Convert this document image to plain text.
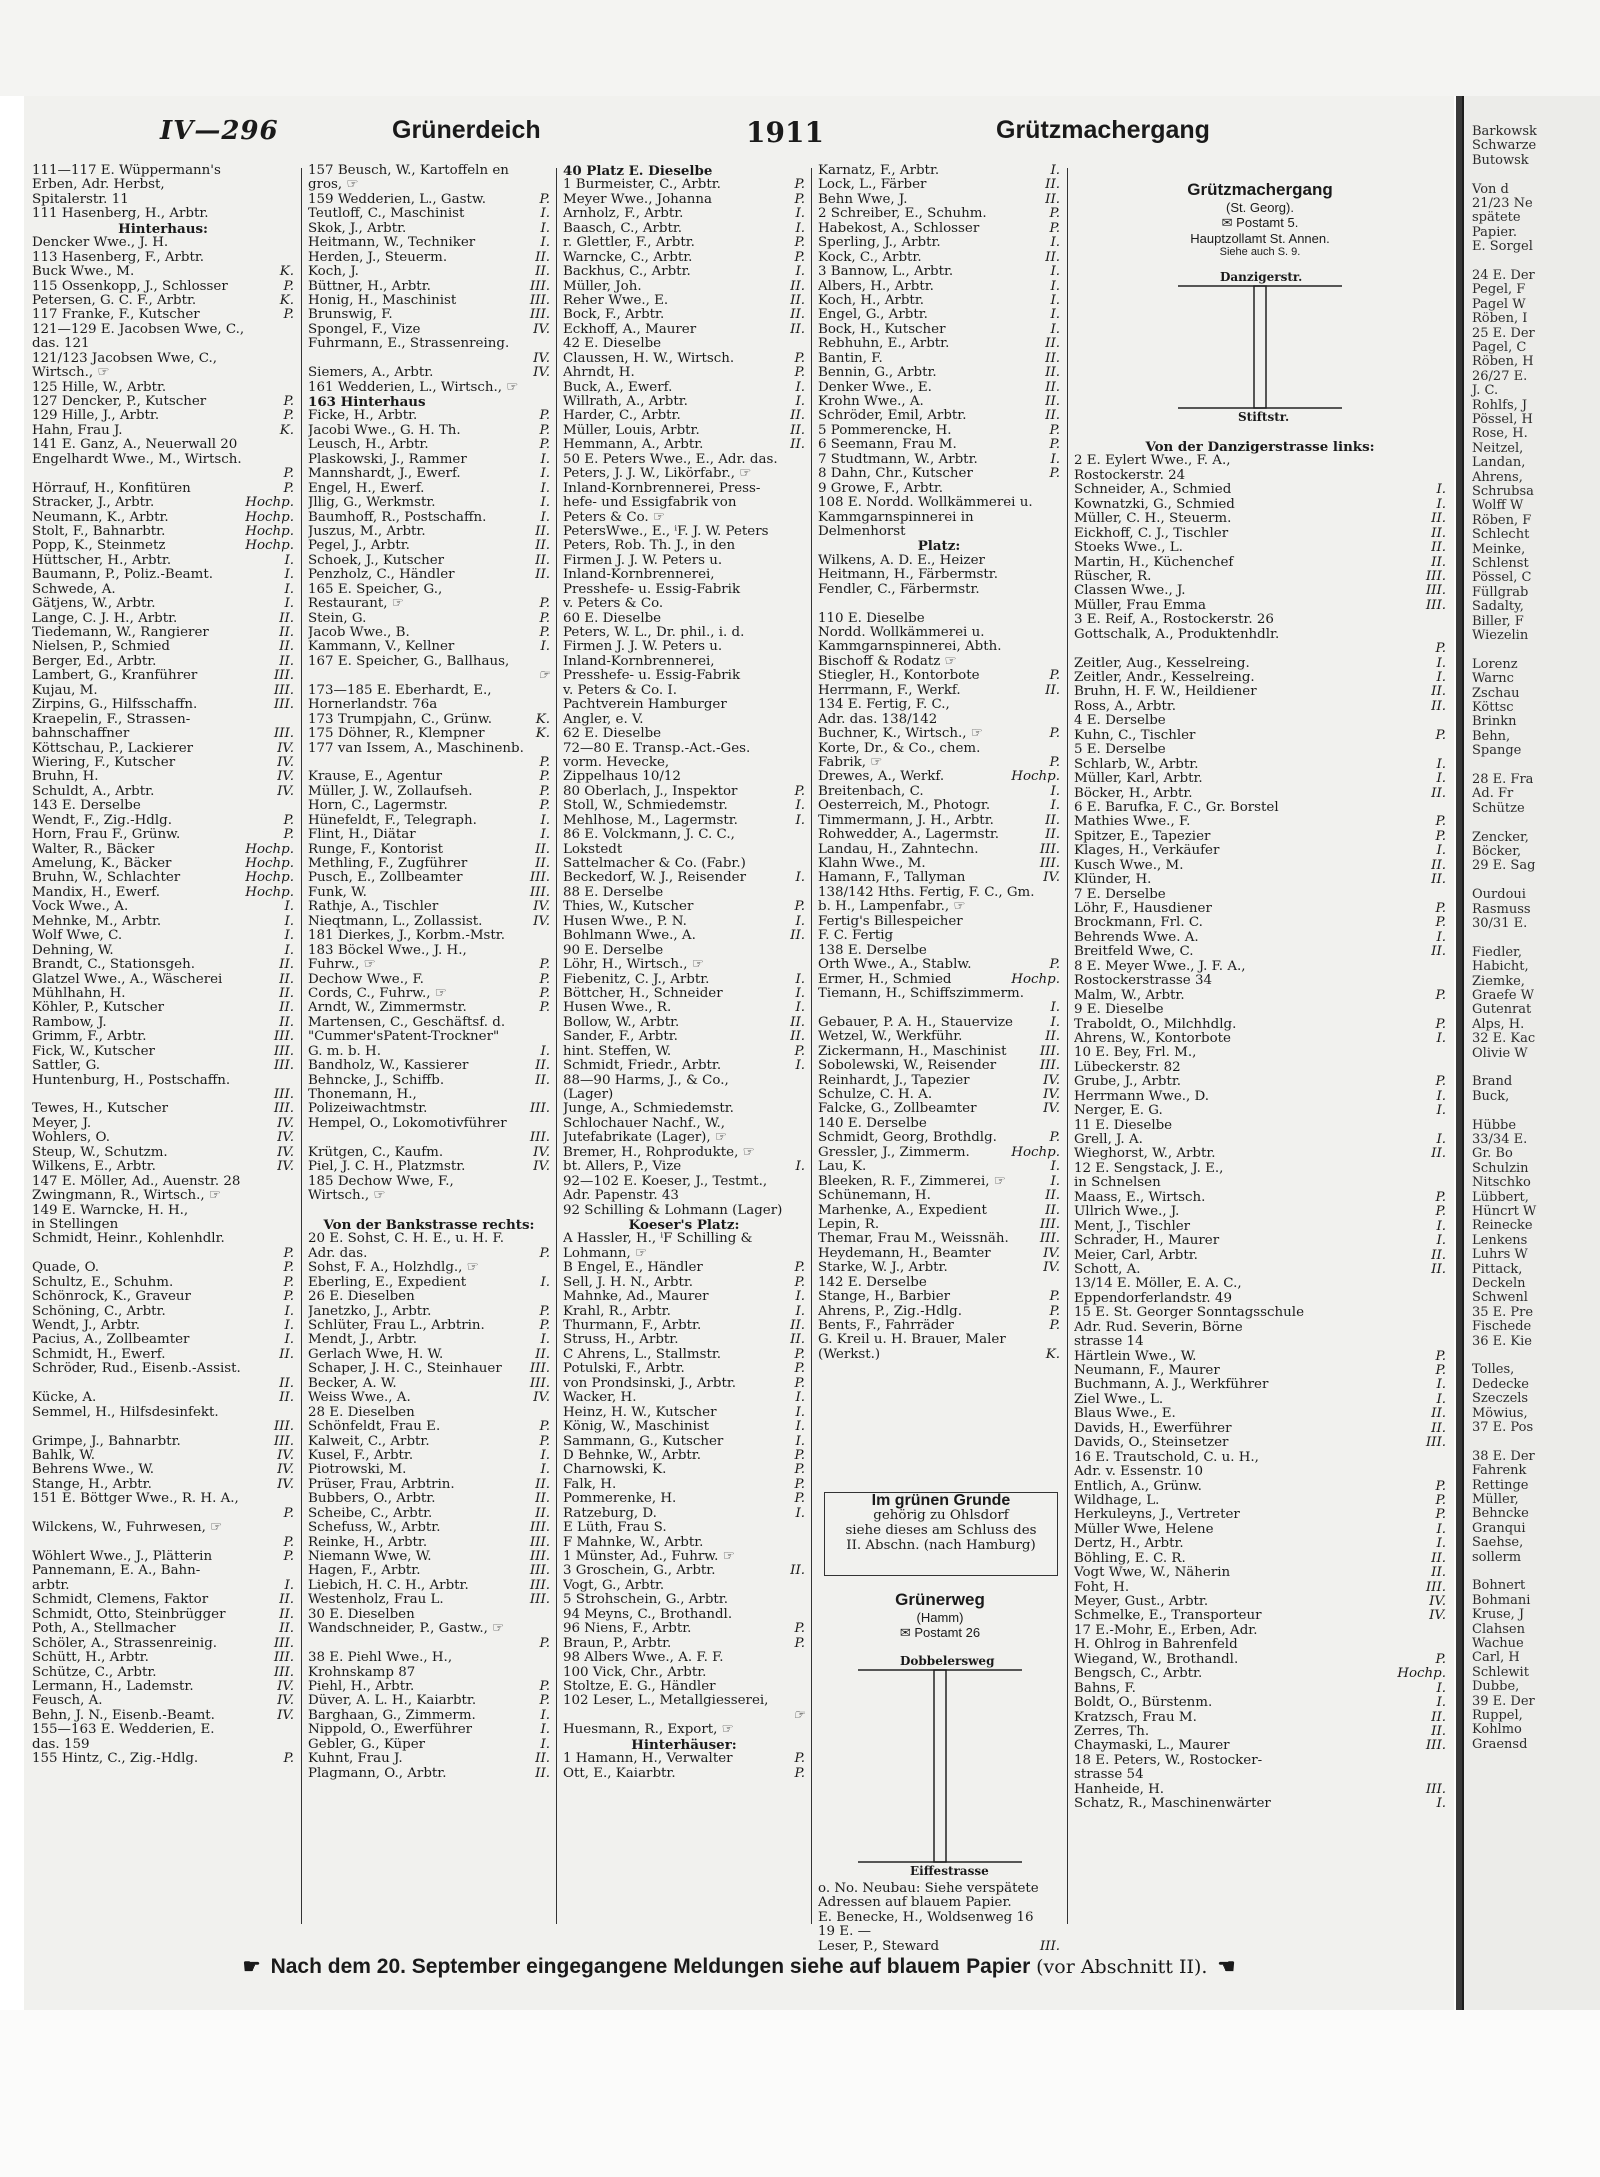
IV—296	Grünerdeich	1911	Grützmachergang
111—117 E. Wüppermann's
Erben, Adr. Herbst,
Spitalerstr. 11
111 Hasenberg, H., Arbtr.
Hinterhaus:
Dencker Wwe., J. H.
113 Hasenberg, F., Arbtr.
Buck Wwe., M.	K.
115 Ossenkopp, J., Schlosser	P.
Petersen, G. C. F., Arbtr.	K.
117 Franke, F., Kutscher	P.
121—129 E. Jacobsen Wwe, C.,
das. 121
121/123 Jacobsen Wwe, C.,
Wirtsch., ☞
125 Hille, W., Arbtr.
127 Dencker, P., Kutscher	P.
129 Hille, J., Arbtr.	P.
Hahn, Frau J.	K.
141 E. Ganz, A., Neuerwall 20
Engelhardt Wwe., M., Wirtsch.
P.
Hörrauf, H., Konfitüren	P.
Stracker, J., Arbtr.	Hochp.
Neumann, K., Arbtr.	Hochp.
Stolt, F., Bahnarbtr.	Hochp.
Popp, K., Steinmetz	Hochp.
Hüttscher, H., Arbtr.	I.
Baumann, P., Poliz.-Beamt.	I.
Schwede, A.	I.
Gätjens, W., Arbtr.	I.
Lange, C. J. H., Arbtr.	II.
Tiedemann, W., Rangierer	II.
Nielsen, P., Schmied	II.
Berger, Ed., Arbtr.	II.
Lambert, G., Kranführer	III.
Kujau, M.	III.
Zirpins, G., Hilfsschaffn.	III.
Kraepelin, F., Strassen-
bahnschaffner	III.
Köttschau, P., Lackierer	IV.
Wiering, F., Kutscher	IV.
Bruhn, H.	IV.
Schuldt, A., Arbtr.	IV.
143 E. Derselbe
Wendt, F., Zig.-Hdlg.	P.
Horn, Frau F., Grünw.	P.
Walter, R., Bäcker	Hochp.
Amelung, K., Bäcker	Hochp.
Bruhn, W., Schlachter	Hochp.
Mandix, H., Ewerf.	Hochp.
Vock Wwe., A.	I.
Mehnke, M., Arbtr.	I.
Wolf Wwe, C.	I.
Dehning, W.	I.
Brandt, C., Stationsgeh.	II.
Glatzel Wwe., A., Wäscherei	II.
Mühlhahn, H.	II.
Köhler, P., Kutscher	II.
Rambow, J.	II.
Grimm, F., Arbtr.	III.
Fick, W., Kutscher	III.
Sattler, G.	III.
Huntenburg, H., Postschaffn.
III.
Tewes, H., Kutscher	III.
Meyer, J.	IV.
Wohlers, O.	IV.
Steup, W., Schutzm.	IV.
Wilkens, E., Arbtr.	IV.
147 E. Möller, Ad., Auenstr. 28
Zwingmann, R., Wirtsch., ☞
149 E. Warncke, H. H.,
in Stellingen
Schmidt, Heinr., Kohlenhdlr.
P.
Quade, O.	P.
Schultz, E., Schuhm.	P.
Schönrock, K., Graveur	P.
Schöning, C., Arbtr.	I.
Wendt, J., Arbtr.	I.
Pacius, A., Zollbeamter	I.
Schmidt, H., Ewerf.	II.
Schröder, Rud., Eisenb.-Assist.
II.
Kücke, A.	II.
Semmel, H., Hilfsdesinfekt.
III.
Grimpe, J., Bahnarbtr.	III.
Bahlk, W.	IV.
Behrens Wwe., W.	IV.
Stange, H., Arbtr.	IV.
151 E. Böttger Wwe., R. H. A.,
P.
Wilckens, W., Fuhrwesen, ☞
P.
Wöhlert Wwe., J., Plätterin	P.
Pannemann, E. A., Bahn-
arbtr.	I.
Schmidt, Clemens, Faktor	II.
Schmidt, Otto, Steinbrügger	II.
Poth, A., Stellmacher	II.
Schöler, A., Strassenreinig.	III.
Schütt, H., Arbtr.	III.
Schütze, C., Arbtr.	III.
Lermann, H., Lademstr.	IV.
Feusch, A.	IV.
Behn, J. N., Eisenb.-Beamt.	IV.
155—163 E. Wedderien, E.
das. 159
155 Hintz, C., Zig.-Hdlg.	P.
157 Beusch, W., Kartoffeln en
gros, ☞
159 Wedderien, L., Gastw.	P.
Teutloff, C., Maschinist	I.
Skok, J., Arbtr.	I.
Heitmann, W., Techniker	I.
Herden, J., Steuerm.	II.
Koch, J.	II.
Büttner, H., Arbtr.	III.
Honig, H., Maschinist	III.
Brunswig, F.	III.
Spongel, F., Vize	IV.
Fuhrmann, E., Strassenreing.
IV.
Siemers, A., Arbtr.	IV.
161 Wedderien, L., Wirtsch., ☞
163 Hinterhaus
Ficke, H., Arbtr.	P.
Jacobi Wwe., G. H. Th.	P.
Leusch, H., Arbtr.	P.
Plaskowski, J., Rammer	I.
Mannshardt, J., Ewerf.	I.
Engel, H., Ewerf.	I.
Jllig, G., Werkmstr.	I.
Baumhoff, R., Postschaffn.	I.
Juszus, M., Arbtr.	II.
Pegel, J., Arbtr.	II.
Schoek, J., Kutscher	II.
Penzholz, C., Händler	II.
165 E. Speicher, G.,
Restaurant, ☞	P.
Stein, G.	P.
Jacob Wwe., B.	P.
Kammann, V., Kellner	I.
167 E. Speicher, G., Ballhaus,
☞
173—185 E. Eberhardt, E.,
Hornerlandstr. 76a
173 Trumpjahn, C., Grünw.	K.
175 Döhner, R., Klempner	K.
177 van Issem, A., Maschinenb.
P.
Krause, E., Agentur	P.
Müller, J. W., Zollaufseh.	P.
Horn, C., Lagermstr.	P.
Hünefeldt, F., Telegraph.	I.
Flint, H., Diätar	I.
Runge, F., Kontorist	II.
Methling, F., Zugführer	II.
Pusch, E., Zollbeamter	III.
Funk, W.	III.
Rathje, A., Tischler	IV.
Nieqtmann, L., Zollassist.	IV.
181 Dierkes, J., Korbm.-Mstr.
183 Böckel Wwe., J. H.,
Fuhrw., ☞	P.
Dechow Wwe., F.	P.
Cords, C., Fuhrw., ☞	P.
Arndt, W., Zimmermstr.	P.
Martensen, C., Geschäftsf. d.
"Cummer'sPatent-Trockner"
G. m. b. H.	I.
Bandholz, W., Kassierer	II.
Behncke, J., Schiffb.	II.
Thonemann, H.,
Polizeiwachtmstr.	III.
Hempel, O., Lokomotivführer
III.
Krütgen, C., Kaufm.	IV.
Piel, J. C. H., Platzmstr.	IV.
185 Dechow Wwe, F.,
Wirtsch., ☞
Von der Bankstrasse rechts:
20 E. Sohst, C. H. E., u. H. F.
Adr. das.	P.
Sohst, F. A., Holzhdlg., ☞
Eberling, E., Expedient	I.
26 E. Dieselben
Janetzko, J., Arbtr.	P.
Schlüter, Frau L., Arbtrin.	P.
Mendt, J., Arbtr.	I.
Gerlach Wwe, H. W.	II.
Schaper, J. H. C., Steinhauer III.
Becker, A. W.	III.
Weiss Wwe., A.	IV.
28 E. Dieselben
Schönfeldt, Frau E.	P.
Kalweit, C., Arbtr.	P.
Kusel, F., Arbtr.	I.
Piotrowski, M.	I.
Prüser, Frau, Arbtrin.	II.
Bubbers, O., Arbtr.	II.
Scheibe, C., Arbtr.	II.
Schefuss, W., Arbtr.	III.
Reinke, H., Arbtr.	III.
Niemann Wwe, W.	III.
Hagen, F., Arbtr.	III.
Liebich, H. C. H., Arbtr.	III.
Westenholz, Frau L.	III.
30 E. Dieselben
Wandschneider, P., Gastw., ☞
P.
38 E. Piehl Wwe., H.,
Krohnskamp 87
Piehl, H., Arbtr.	P.
Düver, A. L. H., Kaiarbtr.	P.
Barghaan, G., Zimmerm.	I.
Nippold, O., Ewerführer	I.
Gebler, G., Küper	I.
Kuhnt, Frau J.	II.
Plagmann, O., Arbtr.	II.
40 Platz E. Dieselbe
1 Burmeister, C., Arbtr.	P.
Meyer Wwe., Johanna	P.
Arnholz, F., Arbtr.	I.
Baasch, C., Arbtr.	I.
r. Glettler, F., Arbtr.	P.
Warncke, C., Arbtr.	P.
Backhus, C., Arbtr.	I.
Müller, Joh.	II.
Reher Wwe., E.	II.
Bock, F., Arbtr.	II.
Eckhoff, A., Maurer	II.
42 E. Dieselbe
Claussen, H. W., Wirtsch.	P.
Ahrndt, H.	P.
Buck, A., Ewerf.	I.
Willrath, A., Arbtr.	I.
Harder, C., Arbtr.	II.
Müller, Louis, Arbtr.	II.
Hemmann, A., Arbtr.	II.
50 E. Peters Wwe., E., Adr. das.
Peters, J. J. W., Likörfabr., ☞
Inland-Kornbrennerei, Press-
hefe- und Essigfabrik von
Peters & Co. ☞
PetersWwe., E., ⁱF. J. W. Peters
Peters, Rob. Th. J., in den
Firmen J. J. W. Peters u.
Inland-Kornbrennerei,
Presshefe- u. Essig-Fabrik
v. Peters & Co.
60 E. Dieselbe
Peters, W. L., Dr. phil., i. d.
Firmen J. J. W. Peters u.
Inland-Kornbrennerei,
Presshefe- u. Essig-Fabrik
v. Peters & Co. I.
Pachtverein Hamburger
Angler, e. V.
62 E. Dieselbe
72—80 E. Transp.-Act.-Ges.
vorm. Hevecke,
Zippelhaus 10/12
80 Oberlach, J., Inspektor	P.
Stoll, W., Schmiedemstr.	I.
Mehlhose, M., Lagermstr.	I.
86 E. Volckmann, J. C. C.,
Lokstedt
Sattelmacher & Co. (Fabr.)
Beckedorf, W. J., Reisender	I.
88 E. Derselbe
Thies, W., Kutscher	P.
Husen Wwe., P. N.	I.
Bohlmann Wwe., A.	II.
90 E. Derselbe
Löhr, H., Wirtsch., ☞
Fiebenitz, C. J., Arbtr.	I.
Böttcher, H., Schneider	I.
Husen Wwe., R.	I.
Bollow, W., Arbtr.	II.
Sander, F., Arbtr.	II.
hint. Steffen, W.	P.
Schmidt, Friedr., Arbtr.	I.
88—90 Harms, J., & Co.,
(Lager)
Junge, A., Schmiedemstr.
Schlochauer Nachf., W.,
Jutefabrikate (Lager), ☞
Bremer, H., Rohprodukte, ☞
bt. Allers, P., Vize	I.
92—102 E. Koeser, J., Testmt.,
Adr. Papenstr. 43
92 Schilling & Lohmann (Lager)
Koeser's Platz:
A Hassler, H., ⁱF Schilling &
Lohmann, ☞
B Engel, E., Händler	P.
Sell, J. H. N., Arbtr.	P.
Mahnke, Ad., Maurer	I.
Krahl, R., Arbtr.	I.
Thurmann, F., Arbtr.	II.
Struss, H., Arbtr.	II.
C Ahrens, L., Stallmstr.	P.
Potulski, F., Arbtr.	P.
von Prondsinski, J., Arbtr.	P.
Wacker, H.	I.
Heinz, H. W., Kutscher	I.
König, W., Maschinist	I.
Sammann, G., Kutscher	I.
D Behnke, W., Arbtr.	P.
Charnowski, K.	P.
Falk, H.	P.
Pommerenke, H.	P.
Ratzeburg, D.	I.
E Lüth, Frau S.
F Mahnke, W., Arbtr.
1 Münster, Ad., Fuhrw. ☞
3 Groschein, G., Arbtr.	II.
Vogt, G., Arbtr.
5 Strohschein, G., Arbtr.
94 Meyns, C., Brothandl.
96 Niens, F., Arbtr.	P.
Braun, P., Arbtr.	P.
98 Albers Wwe., A. F. F.
100 Vick, Chr., Arbtr.
Stoltze, E. G., Händler
102 Leser, L., Metallgiesserei,
☞
Huesmann, R., Export, ☞
Hinterhäuser:
1 Hamann, H., Verwalter	P.
Ott, E., Kaiarbtr.	P.
Karnatz, F., Arbtr.	I.
Lock, L., Färber	II.
Behn Wwe, J.	II.
2 Schreiber, E., Schuhm.	P.
Habekost, A., Schlosser	P.
Sperling, J., Arbtr.	I.
Kock, C., Arbtr.	II.
3 Bannow, L., Arbtr.	I.
Albers, H., Arbtr.	I.
Koch, H., Arbtr.	I.
Engel, G., Arbtr.	I.
Bock, H., Kutscher	I.
Rebhuhn, E., Arbtr.	II.
Bantin, F.	II.
Bennin, G., Arbtr.	II.
Denker Wwe., E.	II.
Krohn Wwe., A.	II.
Schröder, Emil, Arbtr.	II.
5 Pommerencke, H.	P.
6 Seemann, Frau M.	P.
7 Studtmann, W., Arbtr.	I.
8 Dahn, Chr., Kutscher	P.
9 Growe, F., Arbtr.
108 E. Nordd. Wollkämmerei u.
Kammgarnspinnerei in
Delmenhorst
Platz:
Wilkens, A. D. E., Heizer
Heitmann, H., Färbermstr.
Fendler, C., Färbermstr.
110 E. Dieselbe
Nordd. Wollkämmerei u.
Kammgarnspinnerei, Abth.
Bischoff & Rodatz ☞
Stiegler, H., Kontorbote	P.
Herrmann, F., Werkf.	II.
134 E. Fertig, F. C.,
Adr. das. 138/142
Buchner, K., Wirtsch., ☞	P.
Korte, Dr., & Co., chem.
Fabrik, ☞	P.
Drewes, A., Werkf.	Hochp.
Breitenbach, C.	I.
Oesterreich, M., Photogr.	I.
Timmermann, J. H., Arbtr.	II.
Rohwedder, A., Lagermstr.	II.
Landau, H., Zahntechn.	III.
Klahn Wwe., M.	III.
Hamann, F., Tallyman	IV.
138/142 Hths. Fertig, F. C., Gm.
b. H., Lampenfabr., ☞
Fertig's Billespeicher
F. C. Fertig
138 E. Derselbe
Orth Wwe., A., Stablw.	P.
Ermer, H., Schmied	Hochp.
Tiemann, H., Schiffszimmerm.
I.
Gebauer, P. A. H., Stauervize	I.
Wetzel, W., Werkführ.	II.
Zickermann, H., Maschinist III.
Sobolewski, W., Reisender	III.
Reinhardt, J., Tapezier	IV.
Schulze, C. H. A.	IV.
Falcke, G., Zollbeamter	IV.
140 E. Derselbe
Schmidt, Georg, Brothdlg.	P.
Gressler, J., Zimmerm.	Hochp.
Lau, K.	I.
Bleeken, R. F., Zimmerei, ☞	I.
Schünemann, H.	II.
Marhenke, A., Expedient	II.
Lepin, R.	III.
Themar, Frau M., Weissnäh. III.
Heydemann, H., Beamter	IV.
Starke, W. J., Arbtr.	IV.
142 E. Derselbe
Stange, H., Barbier	P.
Ahrens, P., Zig.-Hdlg.	P.
Bents, F., Fahrräder	P.
G. Kreil u. H. Brauer, Maler
(Werkst.)	K.
Im grünen Grunde
gehörig zu Ohlsdorf
siehe dieses am Schluss des
II. Abschn. (nach Hamburg)
Grünerweg
(Hamm)
✉ Postamt 26
Dobbelersweg
Eiffestrasse
o. No. Neubau: Siehe verspätete
Adressen auf blauem Papier.
E. Benecke, H., Woldsenweg 16
19 E. —
Leser, P., Steward	III.
Grützmachergang
(St. Georg).
✉ Postamt 5.
Hauptzollamt St. Annen.
Siehe auch S. 9.
Danzigerstr.
Stiftstr.
Von der Danzigerstrasse links:
2 E. Eylert Wwe., F. A.,
Rostockerstr. 24
Schneider, A., Schmied	I.
Kownatzki, G., Schmied	I.
Müller, C. H., Steuerm.	II.
Eickhoff, C. J., Tischler	II.
Stoeks Wwe., L.	II.
Martin, H., Küchenchef	II.
Rüscher, R.	III.
Classen Wwe., J.	III.
Müller, Frau Emma	III.
3 E. Reif, A., Rostockerstr. 26
Gottschalk, A., Produktenhdlr.
P.
Zeitler, Aug., Kesselreing.	I.
Zeitler, Andr., Kesselreing.	I.
Bruhn, H. F. W., Heildiener	II.
Ross, A., Arbtr.	II.
4 E. Derselbe
Kuhn, C., Tischler	P.
5 E. Derselbe
Schlarb, W., Arbtr.	I.
Müller, Karl, Arbtr.	I.
Böcker, H., Arbtr.	II.
6 E. Barufka, F. C., Gr. Borstel
Mathies Wwe., F.	P.
Spitzer, E., Tapezier	P.
Klages, H., Verkäufer	I.
Kusch Wwe., M.	II.
Klünder, H.	II.
7 E. Derselbe
Löhr, F., Hausdiener	P.
Brockmann, Frl. C.	P.
Behrends Wwe. A.	I.
Breitfeld Wwe, C.	II.
8 E. Meyer Wwe., J. F. A.,
Rostockerstrasse 34
Malm, W., Arbtr.	P.
9 E. Dieselbe
Traboldt, O., Milchhdlg.	P.
Ahrens, W., Kontorbote	I.
10 E. Bey, Frl. M.,
Lübeckerstr. 82
Grube, J., Arbtr.	P.
Herrmann Wwe., D.	I.
Nerger, E. G.	I.
11 E. Dieselbe
Grell, J. A.	I.
Wieghorst, W., Arbtr.	II.
12 E. Sengstack, J. E.,
in Schnelsen
Maass, E., Wirtsch.	P.
Ullrich Wwe., J.	P.
Ment, J., Tischler	I.
Schrader, H., Maurer	I.
Meier, Carl, Arbtr.	II.
Schott, A.	II.
13/14 E. Möller, E. A. C.,
Eppendorferlandstr. 49
15 E. St. Georger Sonntagsschule
Adr. Rud. Severin, Börne
strasse 14
Härtlein Wwe., W.	P.
Neumann, F., Maurer	P.
Buchmann, A. J., Werkführer	I.
Ziel Wwe., L.	I.
Blaus Wwe., E.	II.
Davids, H., Ewerführer	II.
Davids, O., Steinsetzer	III.
16 E. Trautschold, C. u. H.,
Adr. v. Essenstr. 10
Entlich, A., Grünw.	P.
Wildhage, L.	P.
Herkuleyns, J., Vertreter	P.
Müller Wwe, Helene	I.
Dertz, H., Arbtr.	I.
Böhling, E. C. R.	II.
Vogt Wwe, W., Näherin	II.
Foht, H.	III.
Meyer, Gust., Arbtr.	IV.
Schmelke, E., Transporteur	IV.
17 E.-Mohr, E., Erben, Adr.
H. Ohlrog in Bahrenfeld
Wiegand, W., Brothandl.	P.
Bengsch, C., Arbtr.	Hochp.
Bahns, F.	I.
Boldt, O., Bürstenm.	I.
Kratzsch, Frau M.	II.
Zerres, Th.	II.
Chaymaski, L., Maurer	III.
18 E. Peters, W., Rostocker-
strasse 54
Hanheide, H.	III.
Schatz, R., Maschinenwärter	I.
☛ Nach dem 20. September eingegangene Meldungen siehe auf blauem Papier (vor Abschnitt II). ☚
Barkowsk
Schwarze
Butowsk
Von d
21/23 Ne
spätete
Papier.
E. Sorgel
24 E. Der
Pegel, F
Pagel W
Röben, I
25 E. Der
Pagel, C
Röben, H
26/27 E.
J. C.
Rohlfs, J
Pössel, H
Rose, H.
Neitzel,
Landan,
Ahrens,
Schrubsa
Wolff W
Röben, F
Schlecht
Meinke,
Schlenst
Pössel, C
Füllgrab
Sadalty,
Biller, F
Wiezelin
Lorenz
Warnc
Zschau
Köttsc
Brinkn
Behn,
Spange
28 E. Fra
Ad. Fr
Schütze
Zencker,
Böcker,
29 E. Sag
Ourdoui
Rasmuss
30/31 E.
Fiedler,
Habicht,
Ziemke,
Graefe W
Gutenrat
Alps, H.
32 E. Kac
Olivie W
Brand
Buck,
Hübbe
33/34 E.
Gr. Bo
Schulzin
Nitschko
Lübbert,
Hüncrt W
Reinecke
Lenkens
Luhrs W
Pittack,
Deckeln
Schwenl
35 E. Pre
Fischede
36 E. Kie
Tolles,
Dedecke
Szeczels
Möwius,
37 E. Pos
38 E. Der
Fahrenk
Rettinge
Müller,
Behncke
Granqui
Saehse,
sollerm
Bohnert
Bohmani
Kruse, J
Clahsen
Wachue
Carl, H
Schlewit
Dubbe,
39 E. Der
Ruppel,
Kohlmo
Graensd
